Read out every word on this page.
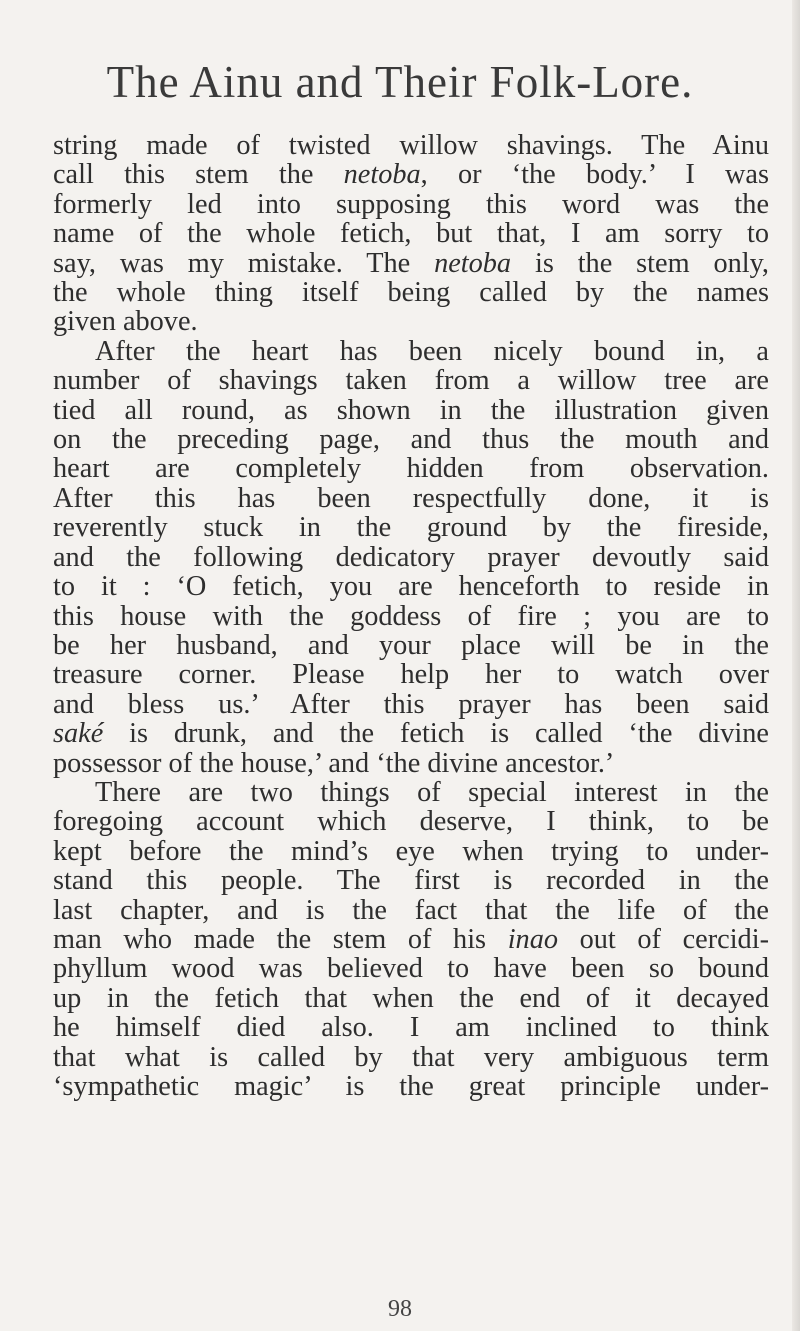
The Ainu and Their Folk-Lore.
string made of twisted willow shavings. The Ainu
call this stem the netoba, or ‘the body.’ I was
formerly led into supposing this word was the
name of the whole fetich, but that, I am sorry to
say, was my mistake. The netoba is the stem only,
the whole thing itself being called by the names
given above.
After the heart has been nicely bound in, a
number of shavings taken from a willow tree are
tied all round, as shown in the illustration given
on the preceding page, and thus the mouth and
heart are completely hidden from observation.
After this has been respectfully done, it is
reverently stuck in the ground by the fireside,
and the following dedicatory prayer devoutly said
to it : ‘O fetich, you are henceforth to reside in
this house with the goddess of fire ; you are to
be her husband, and your place will be in the
treasure corner. Please help her to watch over
and bless us.’ After this prayer has been said
saké is drunk, and the fetich is called ‘the divine
possessor of the house,’ and ‘the divine ancestor.’
There are two things of special interest in the
foregoing account which deserve, I think, to be
kept before the mind’s eye when trying to under-
stand this people. The first is recorded in the
last chapter, and is the fact that the life of the
man who made the stem of his inao out of cercidi-
phyllum wood was believed to have been so bound
up in the fetich that when the end of it decayed
he himself died also. I am inclined to think
that what is called by that very ambiguous term
‘sympathetic magic’ is the great principle under-
98
